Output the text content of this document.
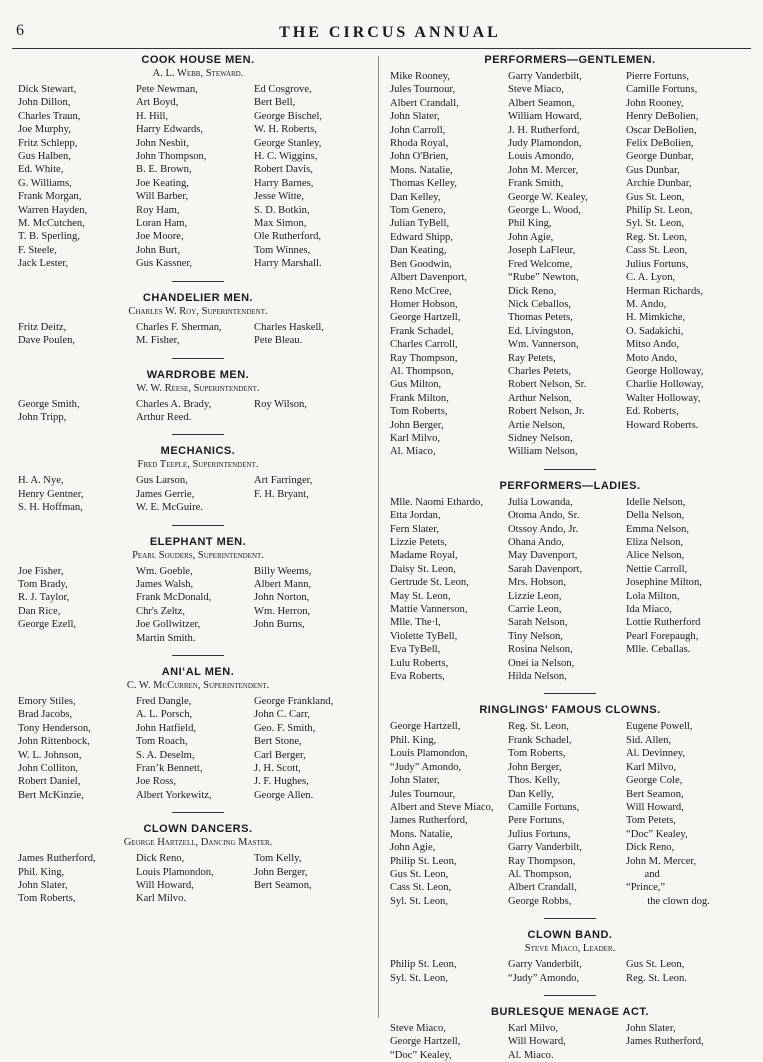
6	THE CIRCUS ANNUAL
COOK HOUSE MEN.
A. L. Webb, Steward.
Dick Stewart,
John Dillon,
Charles Traun,
Joe Murphy,
Fritz Schlepp,
Gus Halben,
Ed. White,
G. Williams,
Frank Morgan,
Warren Hayden,
M. McCutchen,
T. B. Sperling,
F. Steele,
Jack Lester,
Pete Newman,
Art Boyd,
H. Hill,
Harry Edwards,
John Nesbit,
John Thompson,
B. E. Brown,
Joe Keating,
Will Barber,
Roy Ham,
Loran Ham,
Joe Moore,
John Burt,
Gus Kassner,
Ed Cosgrove,
Bert Bell,
George Bischel,
W. H. Roberts,
George Stanley,
H. C. Wiggins,
Robert Davis,
Harry Barnes,
Jesse Witte,
S. D. Botkin,
Max Simon,
Ole Rutherford,
Tom Winnes,
Harry Marshall.
CHANDELIER MEN.
Charles W. Roy, Superintendent.
Fritz Deitz,
Dave Poulen,
Charles F. Sherman,
M. Fisher,
Charles Haskell,
Pete Bleau.
WARDROBE MEN.
W. W. Reese, Superintendent.
George Smith,
John Tripp,
Charles A. Brady,
Arthur Reed.
Roy Wilson,
MECHANICS.
Fred Teeple, Superintendent.
H. A. Nye,
Henry Gentner,
S. H. Hoffman,
Gus Larson,
James Gerrie,
W. E. McGuire.
Art Farringer,
F. H. Bryant,
ELEPHANT MEN.
Pearl Souders, Superintendent.
Joe Fisher,
Tom Brady,
R. J. Taylor,
Dan Rice,
George Ezell,
Wm. Goeble,
James Walsh,
Frank McDonald,
Chr's Zeltz,
Joe Gollwitzer,
Martin Smith.
Billy Weems,
Albert Mann,
John Norton,
Wm. Herron,
John Burns,
ANIʻAL MEN.
C. W. McCurren, Superintendent.
Emory Stiles,
Brad Jacobs,
Tony Henderson,
John Rittenbock,
W. L. Johnson,
John Colliton,
Robert Daniel,
Bert McKinzie,
Fred Dangle,
A. L. Porsch,
John Hatfield,
Tom Roach,
S. A. Deselm,
Franʼk Bennett,
Joe Ross,
Albert Yorkewitz,
George Frankland,
John C. Carr,
Geo. F. Smith,
Bert Stone,
Carl Berger,
J. H. Scott,
J. F. Hughes,
George Allen.
CLOWN DANCERS.
George Hartzell, Dancing Master.
James Rutherford,
Phil. King,
John Slater,
Tom Roberts,
Dick Reno,
Louis Plamondon,
Will Howard,
Karl Milvo.
Tom Kelly,
John Berger,
Bert Seamon,
PERFORMERS—GENTLEMEN.
Mike Rooney,
Jules Tournour,
Albert Crandall,
John Slater,
John Carroll,
Rhoda Royal,
John O'Brien,
Mons. Natalie,
Thomas Kelley,
Dan Kelley,
Tom Genero,
Julian TyBell,
Edward Shipp,
Dan Keating,
Ben Goodwin,
Albert Davenport,
Reno McCree,
Homer Hobson,
George Hartzell,
Frank Schadel,
Charles Carroll,
Ray Thompson,
Al. Thompson,
Gus Milton,
Frank Milton,
Tom Roberts,
John Berger,
Karl Milvo,
Al. Miaco,
Garry Vanderbilt,
Steve Miaco,
Albert Seamon,
William Howard,
J. H. Rutherford,
Judy Plamondon,
Louis Amondo,
John M. Mercer,
Frank Smith,
George W. Kealey,
George L. Wood,
Phil King,
John Agie,
Joseph LaFleur,
Fred Welcome,
“Rube” Newton,
Dick Reno,
Nick Ceballos,
Thomas Petets,
Ed. Livingston,
Wm. Vannerson,
Ray Petets,
Charles Petets,
Robert Nelson, Sr.
Arthur Nelson,
Robert Nelson, Jr.
Artie Nelson,
Sidney Nelson,
William Nelson,
Pierre Fortuns,
Camille Fortuns,
John Rooney,
Henry DeBolien,
Oscar DeBolien,
Felix DeBolien,
George Dunbar,
Gus Dunbar,
Archie Dunbar,
Gus St. Leon,
Philip St. Leon,
Syl. St. Leon,
Reg. St. Leon,
Cass St. Leon,
Julius Fortuns,
C. A. Lyon,
Herman Richards,
M. Ando,
H. Mimkiche,
O. Sadakichi,
Mitso Ando,
Moto Ando,
George Holloway,
Charlie Holloway,
Walter Holloway,
Ed. Roberts,
Howard Roberts.
PERFORMERS—LADIES.
Mlle. Naomi Ethardo,
Etta Jordan,
Fern Slater,
Lizzie Petets,
Madame Royal,
Daisy St. Leon,
Gertrude St. Leon,
May St. Leon,
Mattie Vannerson,
Mlle. The·l,
Violette TyBell,
Eva TyBell,
Lulu Roberts,
Eva Roberts,
Julia Lowanda,
Otoma Ando, Sr.
Otssoy Ando, Jr.
Ohana Ando,
May Davenport,
Sarah Davenport,
Mrs. Hobson,
Lizzie Leon,
Carrie Leon,
Sarah Nelson,
Tiny Nelson,
Rosina Nelson,
Onei ia Nelson,
Hilda Nelson,
Idelle Nelson,
Della Nelson,
Emma Nelson,
Eliza Nelson,
Alice Nelson,
Nettie Carroll,
Josephine Milton,
Lola Milton,
Ida Miaco,
Lottie Rutherford
Pearl Forepaugh,
Mlle. Ceballas.
RINGLINGS' FAMOUS CLOWNS.
George Hartzell,
Phil. King,
Louis Plamondon,
“Judy” Amondo,
John Slater,
Jules Tournour,
Albert and Steve Miaco,
James Rutherford,
Mons. Natalie,
John Agie,
Philip St. Leon,
Gus St. Leon,
Cass St. Leon,
Syl. St. Leon,
Reg. St. Leon,
Frank Schadel,
Tom Roberts,
John Berger,
Thos. Kelly,
Dan Kelly,
Camille Fortuns,
Pere Fortuns,
Julius Fortuns,
Garry Vanderbilt,
Ray Thompson,
Al. Thompson,
Albert Crandall,
George Robbs,
Eugene Powell,
Sid. Allen,
Al. Devinney,
Karl Milvo,
George Cole,
Bert Seamon,
Will Howard,
Tom Petets,
“Doc” Kealey,
Dick Reno,
John M. Mercer,
and
“Prince,”
the clown dog.
CLOWN BAND.
Steve Miaco, Leader.
Philip St. Leon,
Syl. St. Leon,
Garry Vanderbilt,
“Judy” Amondo,
Gus St. Leon,
Reg. St. Leon.
BURLESQUE MENAGE ACT.
Steve Miaco,
George Hartzell,
“Doc” Kealey,
Karl Milvo,
Will Howard,
Al. Miaco.
John Slater,
James Rutherford,
